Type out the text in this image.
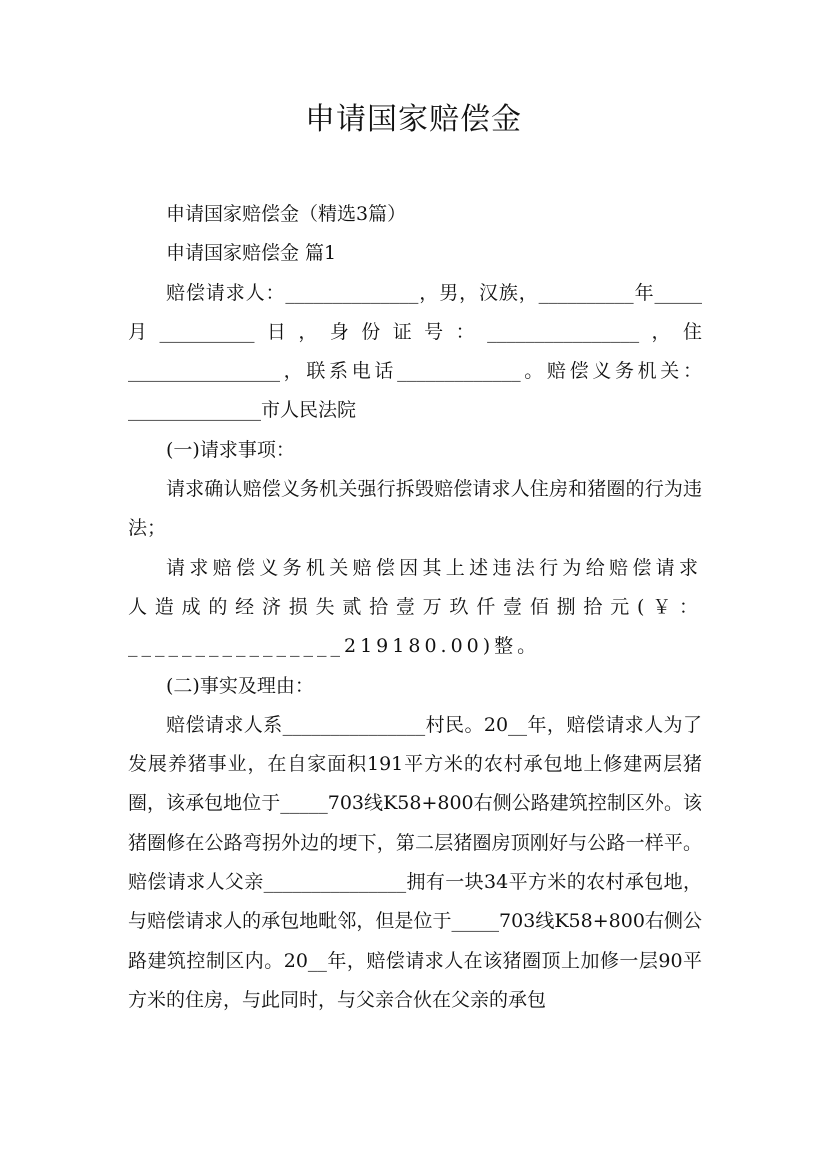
申请国家赔偿金

申请国家赔偿金（精选3篇）

申请国家赔偿金 篇1

赔偿请求人：______________，男，汉族，__________年_____月__________日，身份证号：________________，住________________，联系电话_____________。赔偿义务机关：______________市人民法院

(一)请求事项：

请求确认赔偿义务机关强行拆毁赔偿请求人住房和猪圈的行为违法；

请求赔偿义务机关赔偿因其上述违法行为给赔偿请求人造成的经济损失贰拾壹万玖仟壹佰捌拾元(￥：________________219180.00)整。

(二)事实及理由：

赔偿请求人系_______________村民。20__年，赔偿请求人为了发展养猪事业，在自家面积191平方米的农村承包地上修建两层猪圈，该承包地位于_____703线K58+800右侧公路建筑控制区外。该猪圈修在公路弯拐外边的埂下，第二层猪圈房顶刚好与公路一样平。赔偿请求人父亲_______________拥有一块34平方米的农村承包地，与赔偿请求人的承包地毗邻，但是位于_____703线K58+800右侧公路建筑控制区内。20__年，赔偿请求人在该猪圈顶上加修一层90平方米的住房，与此同时，与父亲合伙在父亲的承包
